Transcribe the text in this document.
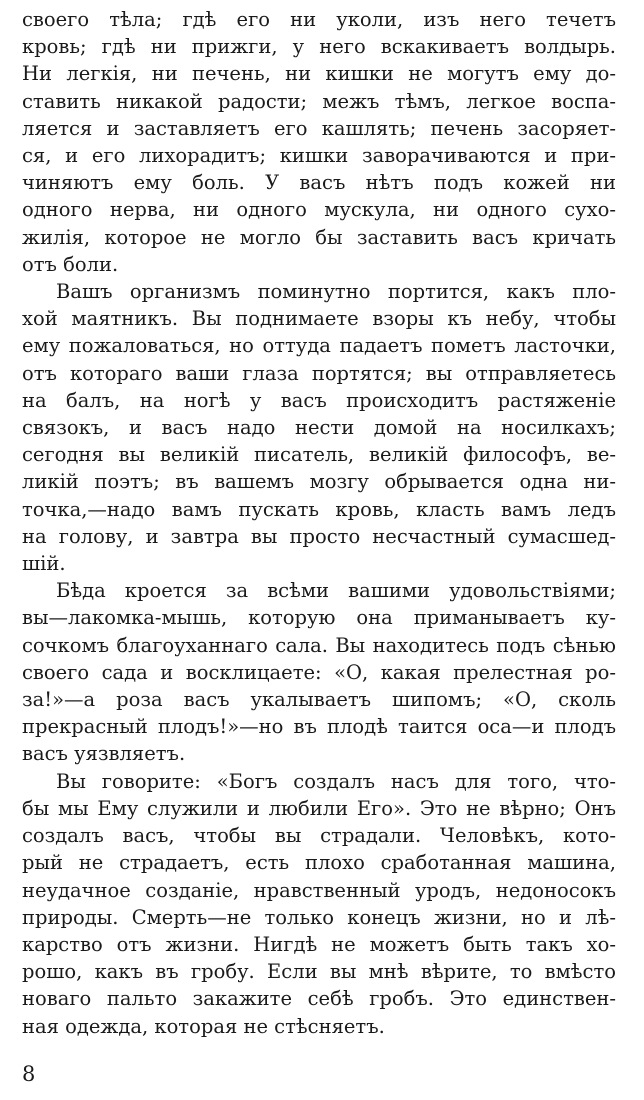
своего тѣла; гдѣ его ни уколи, изъ него течетъ
кровь; гдѣ ни прижги, у него вскакиваетъ волдырь.
Ни легкія, ни печень, ни кишки не могутъ ему до-
ставить никакой радости; межъ тѣмъ, легкое воспа-
ляется и заставляетъ его кашлять; печень засоряет-
ся, и его лихорадитъ; кишки заворачиваются и при-
чиняютъ ему боль. У васъ нѣтъ подъ кожей ни
одного нерва, ни одного мускула, ни одного сухо-
жилія, которое не могло бы заставить васъ кричать
отъ боли.

Вашъ организмъ поминутно портится, какъ пло-
хой маятникъ. Вы поднимаете взоры къ небу, чтобы
ему пожаловаться, но оттуда падаетъ пометъ ласточки,
отъ котораго ваши глаза портятся; вы отправляетесь
на балъ, на ногѣ у васъ происходитъ растяженіе
связокъ, и васъ надо нести домой на носилкахъ;
сегодня вы великій писатель, великій философъ, ве-
ликій поэтъ; въ вашемъ мозгу обрывается одна ни-
точка,—надо вамъ пускать кровь, класть вамъ ледъ
на голову, и завтра вы просто несчастный сумасшед-
шій.

Бѣда кроется за всѣми вашими удовольствіями;
вы—лакомка-мышь, которую она приманываетъ ку-
сочкомъ благоуханнаго сала. Вы находитесь подъ сѣнью
своего сада и восклицаете: «О, какая прелестная ро-
за!»—а роза васъ укалываетъ шипомъ; «О, сколь
прекрасный плодъ!»—но въ плодѣ таится оса—и плодъ
васъ уязвляетъ.

Вы говорите: «Богъ создалъ насъ для того, что-
бы мы Ему служили и любили Его». Это не вѣрно; Онъ
создалъ васъ, чтобы вы страдали. Человѣкъ, кото-
рый не страдаетъ, есть плохо сработанная машина,
неудачное созданіе, нравственный уродъ, недоносокъ
природы. Смерть—не только конецъ жизни, но и лѣ-
карство отъ жизни. Нигдѣ не можетъ быть такъ хо-
рошо, какъ въ гробу. Если вы мнѣ вѣрите, то вмѣсто
новаго пальто закажите себѣ гробъ. Это единствен-
ная одежда, которая не стѣсняетъ.

8
